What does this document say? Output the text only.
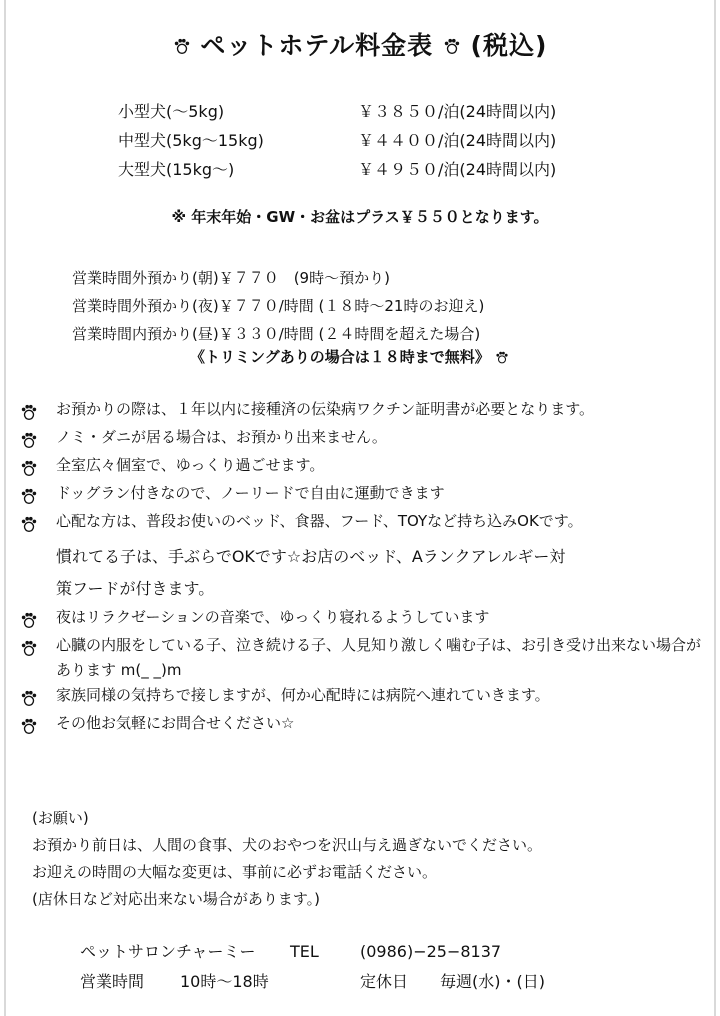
ペットホテル料金表 (税込)
小型犬(～5kg)	￥３８５０/泊(24時間以内)
中型犬(5kg～15kg)	￥４４００/泊(24時間以内)
大型犬(15kg～)	￥４９５０/泊(24時間以内)
※ 年末年始・GW・お盆はプラス￥５５０となります。
営業時間外預かり(朝)￥７７０　(9時～預かり)
営業時間外預かり(夜)￥７７０/時間 (１８時～21時のお迎え)
営業時間内預かり(昼)￥３３０/時間 (２４時間を超えた場合)
《トリミングありの場合は１８時まで無料》
お預かりの際は、１年以内に接種済の伝染病ワクチン証明書が必要となります。
ノミ・ダニが居る場合は、お預かり出来ません。
全室広々個室で、ゆっくり過ごせます。
ドッグラン付きなので、ノーリードで自由に運動できます
心配な方は、普段お使いのベッド、食器、フード、TOYなど持ち込みOKです。
慣れてる子は、手ぶらでOKです☆お店のベッド、Aランクアレルギー対
策フードが付きます。
夜はリラクゼーションの音楽で、ゆっくり寝れるようしています
心臓の内服をしている子、泣き続ける子、人見知り激しく噛む子は、お引き受け出来ない場合があります m(_ _)m
家族同様の気持ちで接しますが、何か心配時には病院へ連れていきます。
その他お気軽にお問合せください☆
(お願い)
お預かり前日は、人間の食事、犬のおやつを沢山与え過ぎないでください。
お迎えの時間の大幅な変更は、事前に必ずお電話ください。
(店休日など対応出来ない場合があります。)
ペットサロンチャーミー	TEL	(0986)−25−8137
営業時間	10時～18時	定休日	毎週(水)・(日)
